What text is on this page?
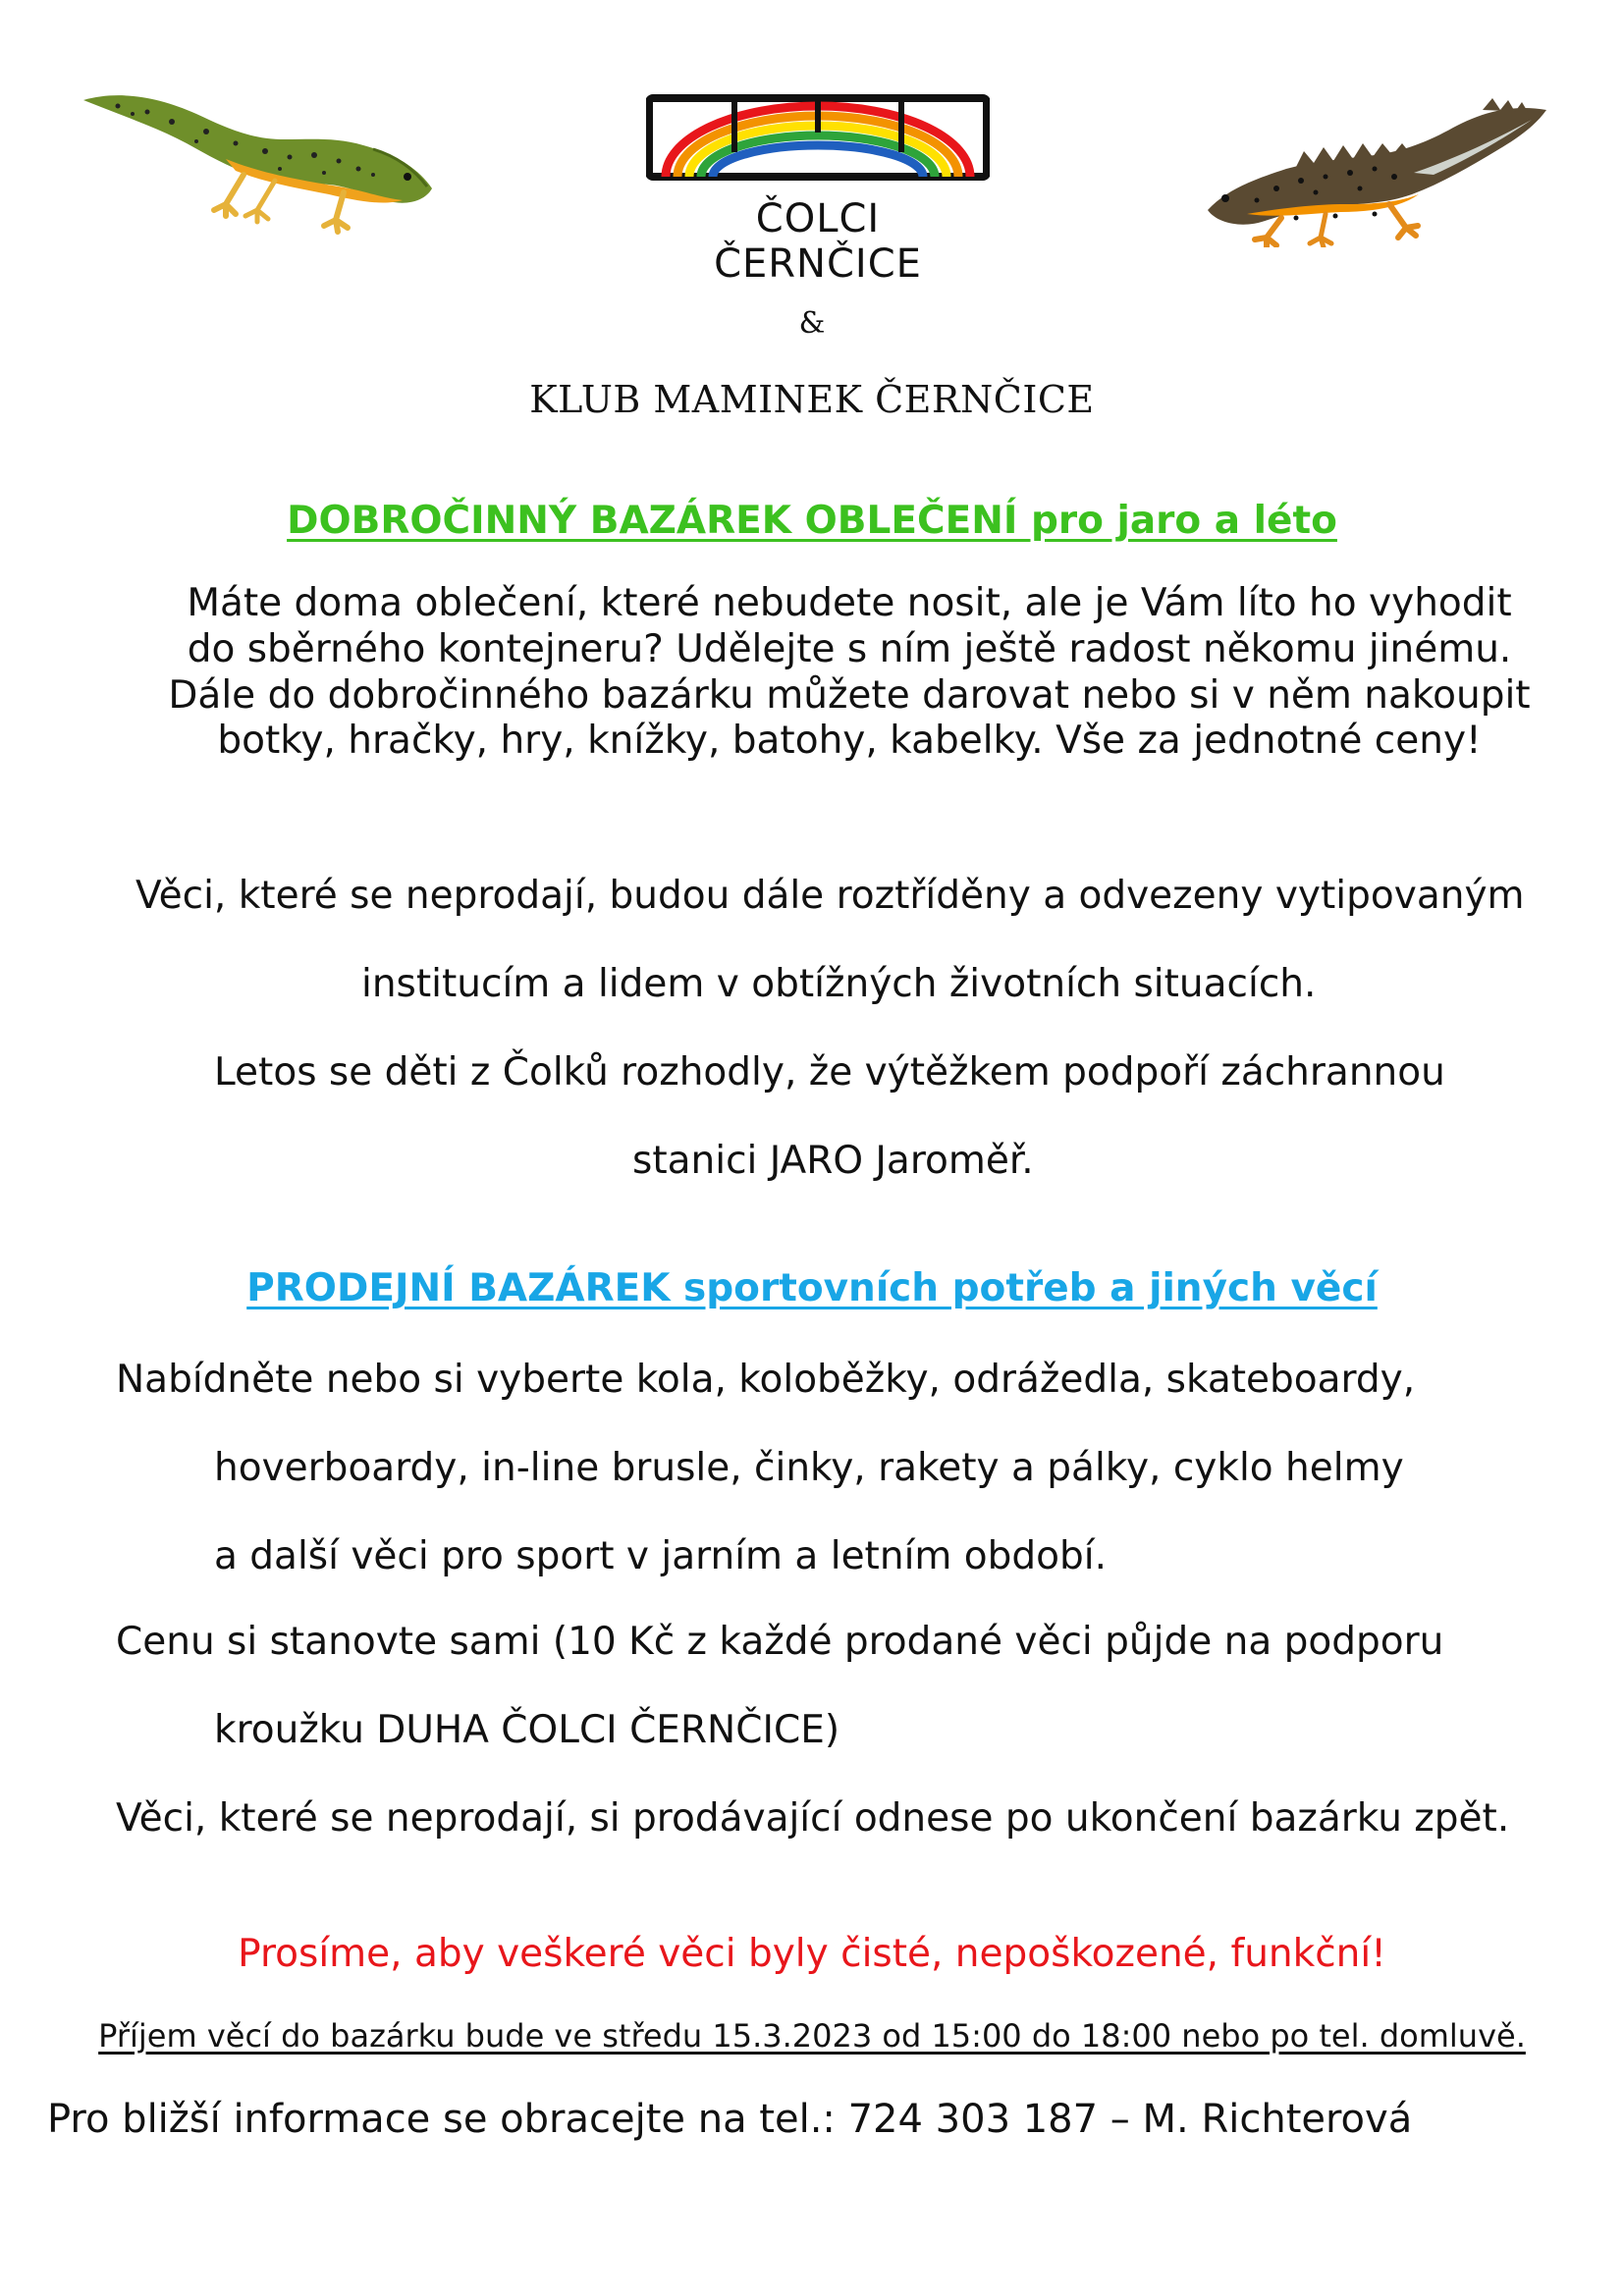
ČOLCI ČERNČICE
&
KLUB MAMINEK ČERNČICE
DOBROČINNÝ BAZÁREK OBLEČENÍ pro jaro a léto
Máte doma oblečení, které nebudete nosit, ale je Vám líto ho vyhodit
do sběrného kontejneru? Udělejte s ním ještě radost někomu jinému.
Dále do dobročinného bazárku můžete darovat nebo si v něm nakoupit
botky, hračky, hry, knížky, batohy, kabelky. Vše za jednotné ceny!
Věci, které se neprodají, budou dále roztříděny a odvezeny vytipovaným
institucím a lidem v obtížných životních situacích.
Letos se děti z Čolků rozhodly, že výtěžkem podpoří záchrannou
stanici JARO Jaroměř.
PRODEJNÍ BAZÁREK sportovních potřeb a jiných věcí
Nabídněte nebo si vyberte kola, koloběžky, odrážedla, skateboardy,
hoverboardy, in-line brusle, činky, rakety a pálky, cyklo helmy
a další věci pro sport v jarním a letním období.
Cenu si stanovte sami (10 Kč z každé prodané věci půjde na podporu
kroužku DUHA ČOLCI ČERNČICE)
Věci, které se neprodají, si prodávající odnese po ukončení bazárku zpět.
Prosíme, aby veškeré věci byly čisté, nepoškozené, funkční!
Příjem věcí do bazárku bude ve středu 15.3.2023 od 15:00 do 18:00 nebo po tel. domluvě.
Pro bližší informace se obracejte na tel.: 724 303 187 – M. Richterová
